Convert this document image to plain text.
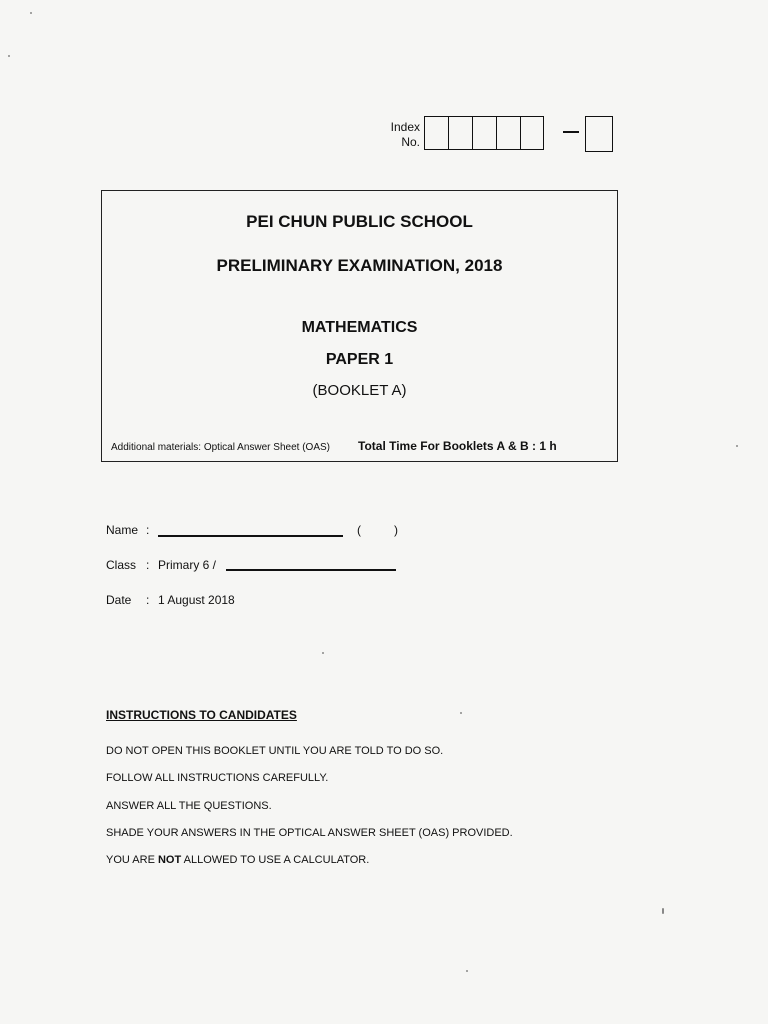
Index
No.
PEI CHUN PUBLIC SCHOOL
PRELIMINARY EXAMINATION, 2018
MATHEMATICS
PAPER 1
(BOOKLET A)
Additional materials: Optical Answer Sheet (OAS) Total Time For Booklets A & B : 1 h
Name :	(	)
Class : Primary 6 /
Date : 1 August 2018
INSTRUCTIONS TO CANDIDATES
DO NOT OPEN THIS BOOKLET UNTIL YOU ARE TOLD TO DO SO.
FOLLOW ALL INSTRUCTIONS CAREFULLY.
ANSWER ALL THE QUESTIONS.
SHADE YOUR ANSWERS IN THE OPTICAL ANSWER SHEET (OAS) PROVIDED.
YOU ARE NOT ALLOWED TO USE A CALCULATOR.
